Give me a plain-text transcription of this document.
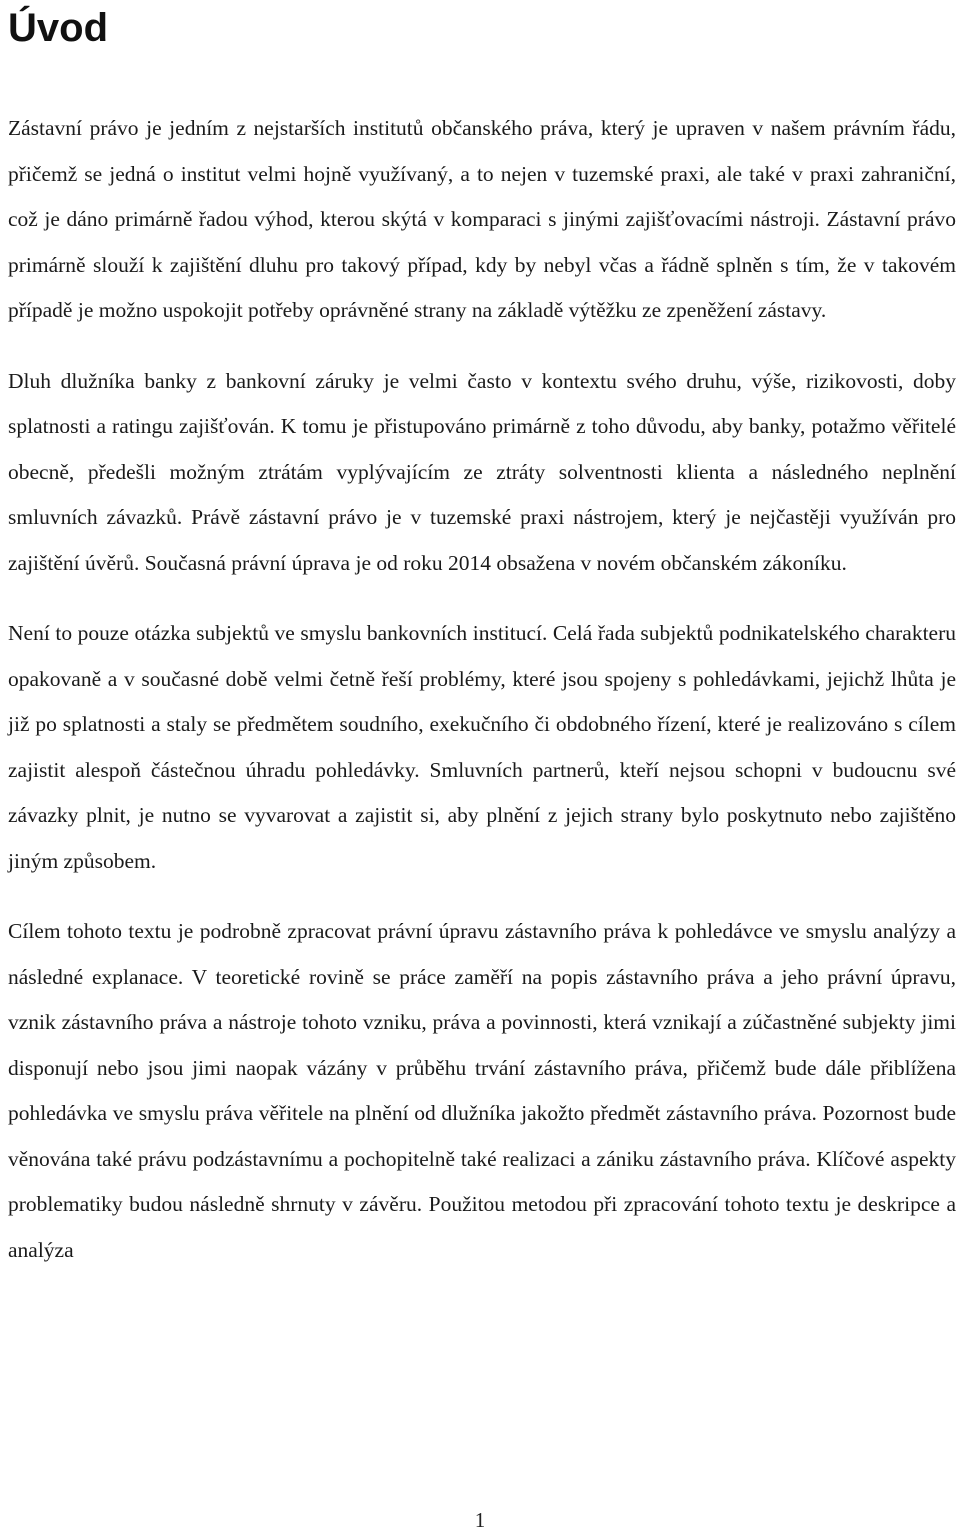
Úvod

Zástavní právo je jedním z nejstarších institutů občanského práva, který je upraven v našem právním řádu, přičemž se jedná o institut velmi hojně využívaný, a to nejen v tuzemské praxi, ale také v praxi zahraniční, což je dáno primárně řadou výhod, kterou skýtá v komparaci s jinými zajišťovacími nástroji. Zástavní právo primárně slouží k zajištění dluhu pro takový případ, kdy by nebyl včas a řádně splněn s tím, že v takovém případě je možno uspokojit potřeby oprávněné strany na základě výtěžku ze zpeněžení zástavy.

Dluh dlužníka banky z bankovní záruky je velmi často v kontextu svého druhu, výše, rizikovosti, doby splatnosti a ratingu zajišťován. K tomu je přistupováno primárně z toho důvodu, aby banky, potažmo věřitelé obecně, předešli možným ztrátám vyplývajícím ze ztráty solventnosti klienta a následného neplnění smluvních závazků. Právě zástavní právo je v tuzemské praxi nástrojem, který je nejčastěji využíván pro zajištění úvěrů. Současná právní úprava je od roku 2014 obsažena v novém občanském zákoníku.

Není to pouze otázka subjektů ve smyslu bankovních institucí. Celá řada subjektů podnikatelského charakteru opakovaně a v současné době velmi četně řeší problémy, které jsou spojeny s pohledávkami, jejichž lhůta je již po splatnosti a staly se předmětem soudního, exekučního či obdobného řízení, které je realizováno s cílem zajistit alespoň částečnou úhradu pohledávky. Smluvních partnerů, kteří nejsou schopni v budoucnu své závazky plnit, je nutno se vyvarovat a zajistit si, aby plnění z jejich strany bylo poskytnuto nebo zajištěno jiným způsobem.

Cílem tohoto textu je podrobně zpracovat právní úpravu zástavního práva k pohledávce ve smyslu analýzy a následné explanace. V teoretické rovině se práce zaměří na popis zástavního práva a jeho právní úpravu, vznik zástavního práva a nástroje tohoto vzniku, práva a povinnosti, která vznikají a zúčastněné subjekty jimi disponují nebo jsou jimi naopak vázány v průběhu trvání zástavního práva, přičemž bude dále přiblížena pohledávka ve smyslu práva věřitele na plnění od dlužníka jakožto předmět zástavního práva. Pozornost bude věnována také právu podzástavnímu a pochopitelně také realizaci a zániku zástavního práva. Klíčové aspekty problematiky budou následně shrnuty v závěru. Použitou metodou při zpracování tohoto textu je deskripce a analýza

1
